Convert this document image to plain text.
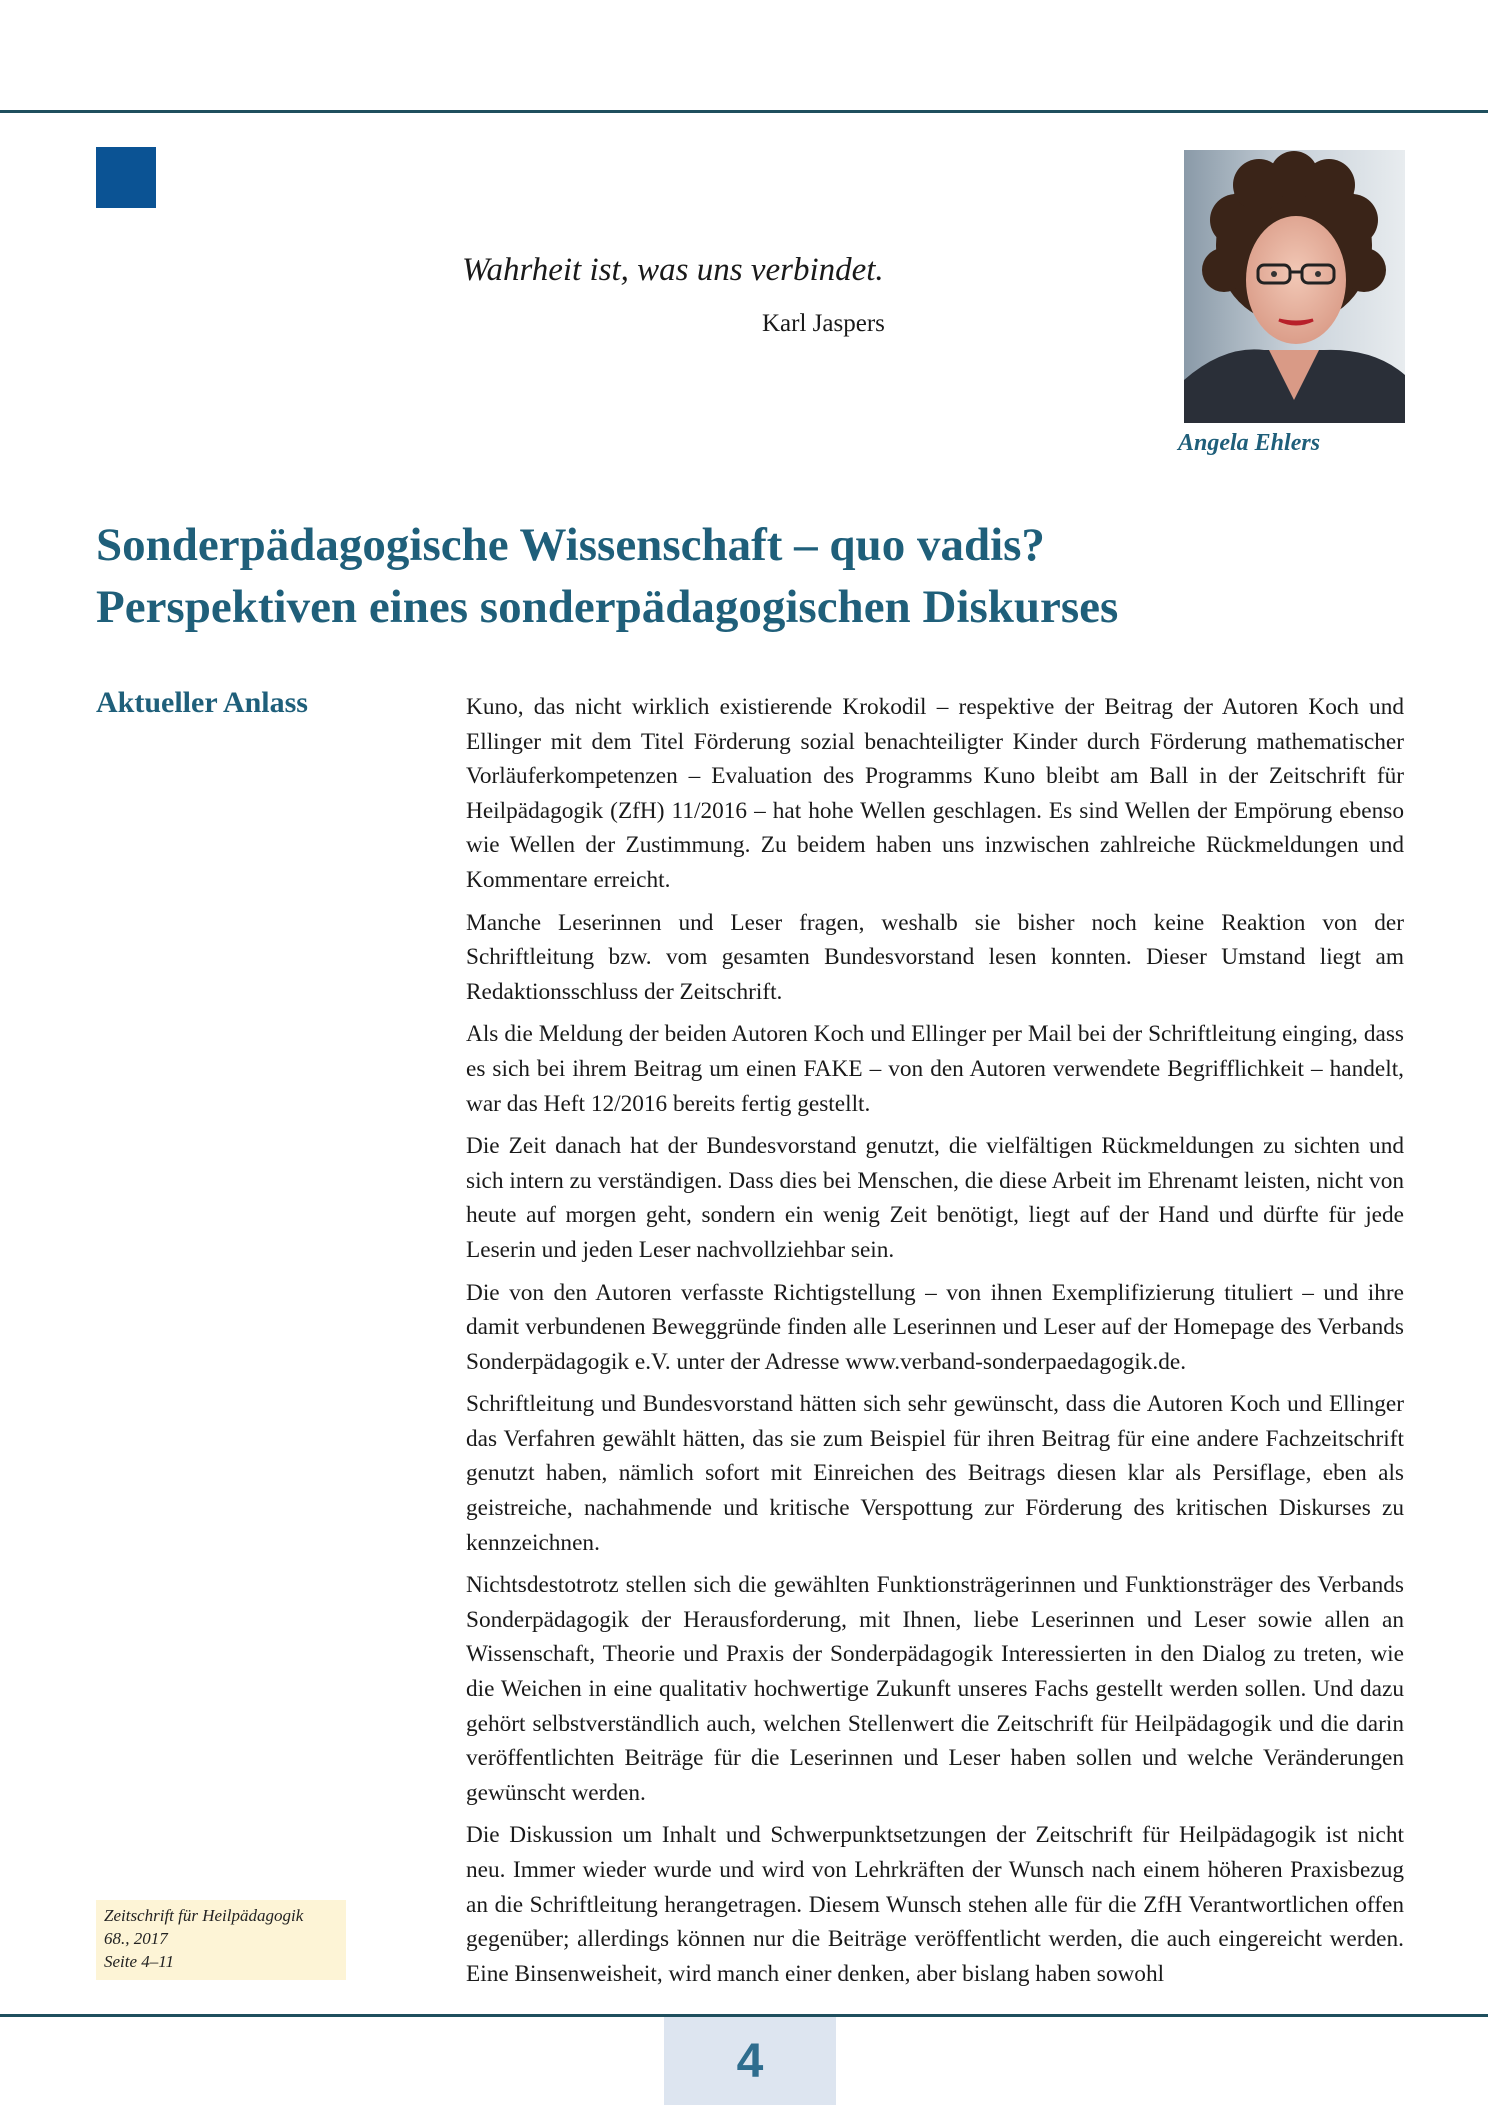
Wahrheit ist, was uns verbindet.
Karl Jaspers
Angela Ehlers
Sonderpädagogische Wissenschaft – quo vadis?
Perspektiven eines sonderpädagogischen Diskurses
Aktueller Anlass	Kuno, das nicht wirklich existierende Krokodil – respektive der Beitrag der Autoren Koch und Ellinger mit dem Titel Förderung sozial benachteiligter Kinder durch Förderung mathematischer Vorläuferkompetenzen – Evaluation des Programms Kuno bleibt am Ball in der Zeitschrift für Heilpädagogik (ZfH) 11/2016 – hat hohe Wellen geschlagen. Es sind Wellen der Empörung ebenso wie Wellen der Zustimmung. Zu beidem haben uns inzwischen zahlreiche Rückmeldungen und Kommentare erreicht.

Manche Leserinnen und Leser fragen, weshalb sie bisher noch keine Reaktion von der Schriftleitung bzw. vom gesamten Bundesvorstand lesen konnten. Dieser Umstand liegt am Redaktionsschluss der Zeitschrift.

Als die Meldung der beiden Autoren Koch und Ellinger per Mail bei der Schriftleitung einging, dass es sich bei ihrem Beitrag um einen FAKE – von den Autoren verwendete Begrifflichkeit – handelt, war das Heft 12/2016 bereits fertig gestellt.

Die Zeit danach hat der Bundesvorstand genutzt, die vielfältigen Rückmeldungen zu sichten und sich intern zu verständigen. Dass dies bei Menschen, die diese Arbeit im Ehrenamt leisten, nicht von heute auf morgen geht, sondern ein wenig Zeit benötigt, liegt auf der Hand und dürfte für jede Leserin und jeden Leser nachvollziehbar sein.

Die von den Autoren verfasste Richtigstellung – von ihnen Exemplifizierung tituliert – und ihre damit verbundenen Beweggründe finden alle Leserinnen und Leser auf der Homepage des Verbands Sonderpädagogik e.V. unter der Adresse www.verband-sonderpaedagogik.de.

Schriftleitung und Bundesvorstand hätten sich sehr gewünscht, dass die Autoren Koch und Ellinger das Verfahren gewählt hätten, das sie zum Beispiel für ihren Beitrag für eine andere Fachzeitschrift genutzt haben, nämlich sofort mit Einreichen des Beitrags diesen klar als Persiflage, eben als geistreiche, nachahmende und kritische Verspottung zur Förderung des kritischen Diskurses zu kennzeichnen.

Nichtsdestotrotz stellen sich die gewählten Funktionsträgerinnen und Funktionsträger des Verbands Sonderpädagogik der Herausforderung, mit Ihnen, liebe Leserinnen und Leser sowie allen an Wissenschaft, Theorie und Praxis der Sonderpädagogik Interessierten in den Dialog zu treten, wie die Weichen in eine qualitativ hochwertige Zukunft unseres Fachs gestellt werden sollen. Und dazu gehört selbstverständlich auch, welchen Stellenwert die Zeitschrift für Heilpädagogik und die darin veröffentlichten Beiträge für die Leserinnen und Leser haben sollen und welche Veränderungen gewünscht werden.

Die Diskussion um Inhalt und Schwerpunktsetzungen der Zeitschrift für Heilpädagogik ist nicht neu. Immer wieder wurde und wird von Lehrkräften der Wunsch nach einem höheren Praxisbezug an die Schriftleitung herangetragen. Diesem Wunsch stehen alle für die ZfH Verantwortlichen offen gegenüber; allerdings können nur die Beiträge veröffentlicht werden, die auch eingereicht werden. Eine Binsenweisheit, wird manch einer denken, aber bislang haben sowohl

Zeitschrift für Heilpädagogik
68., 2017
Seite 4–11
4
